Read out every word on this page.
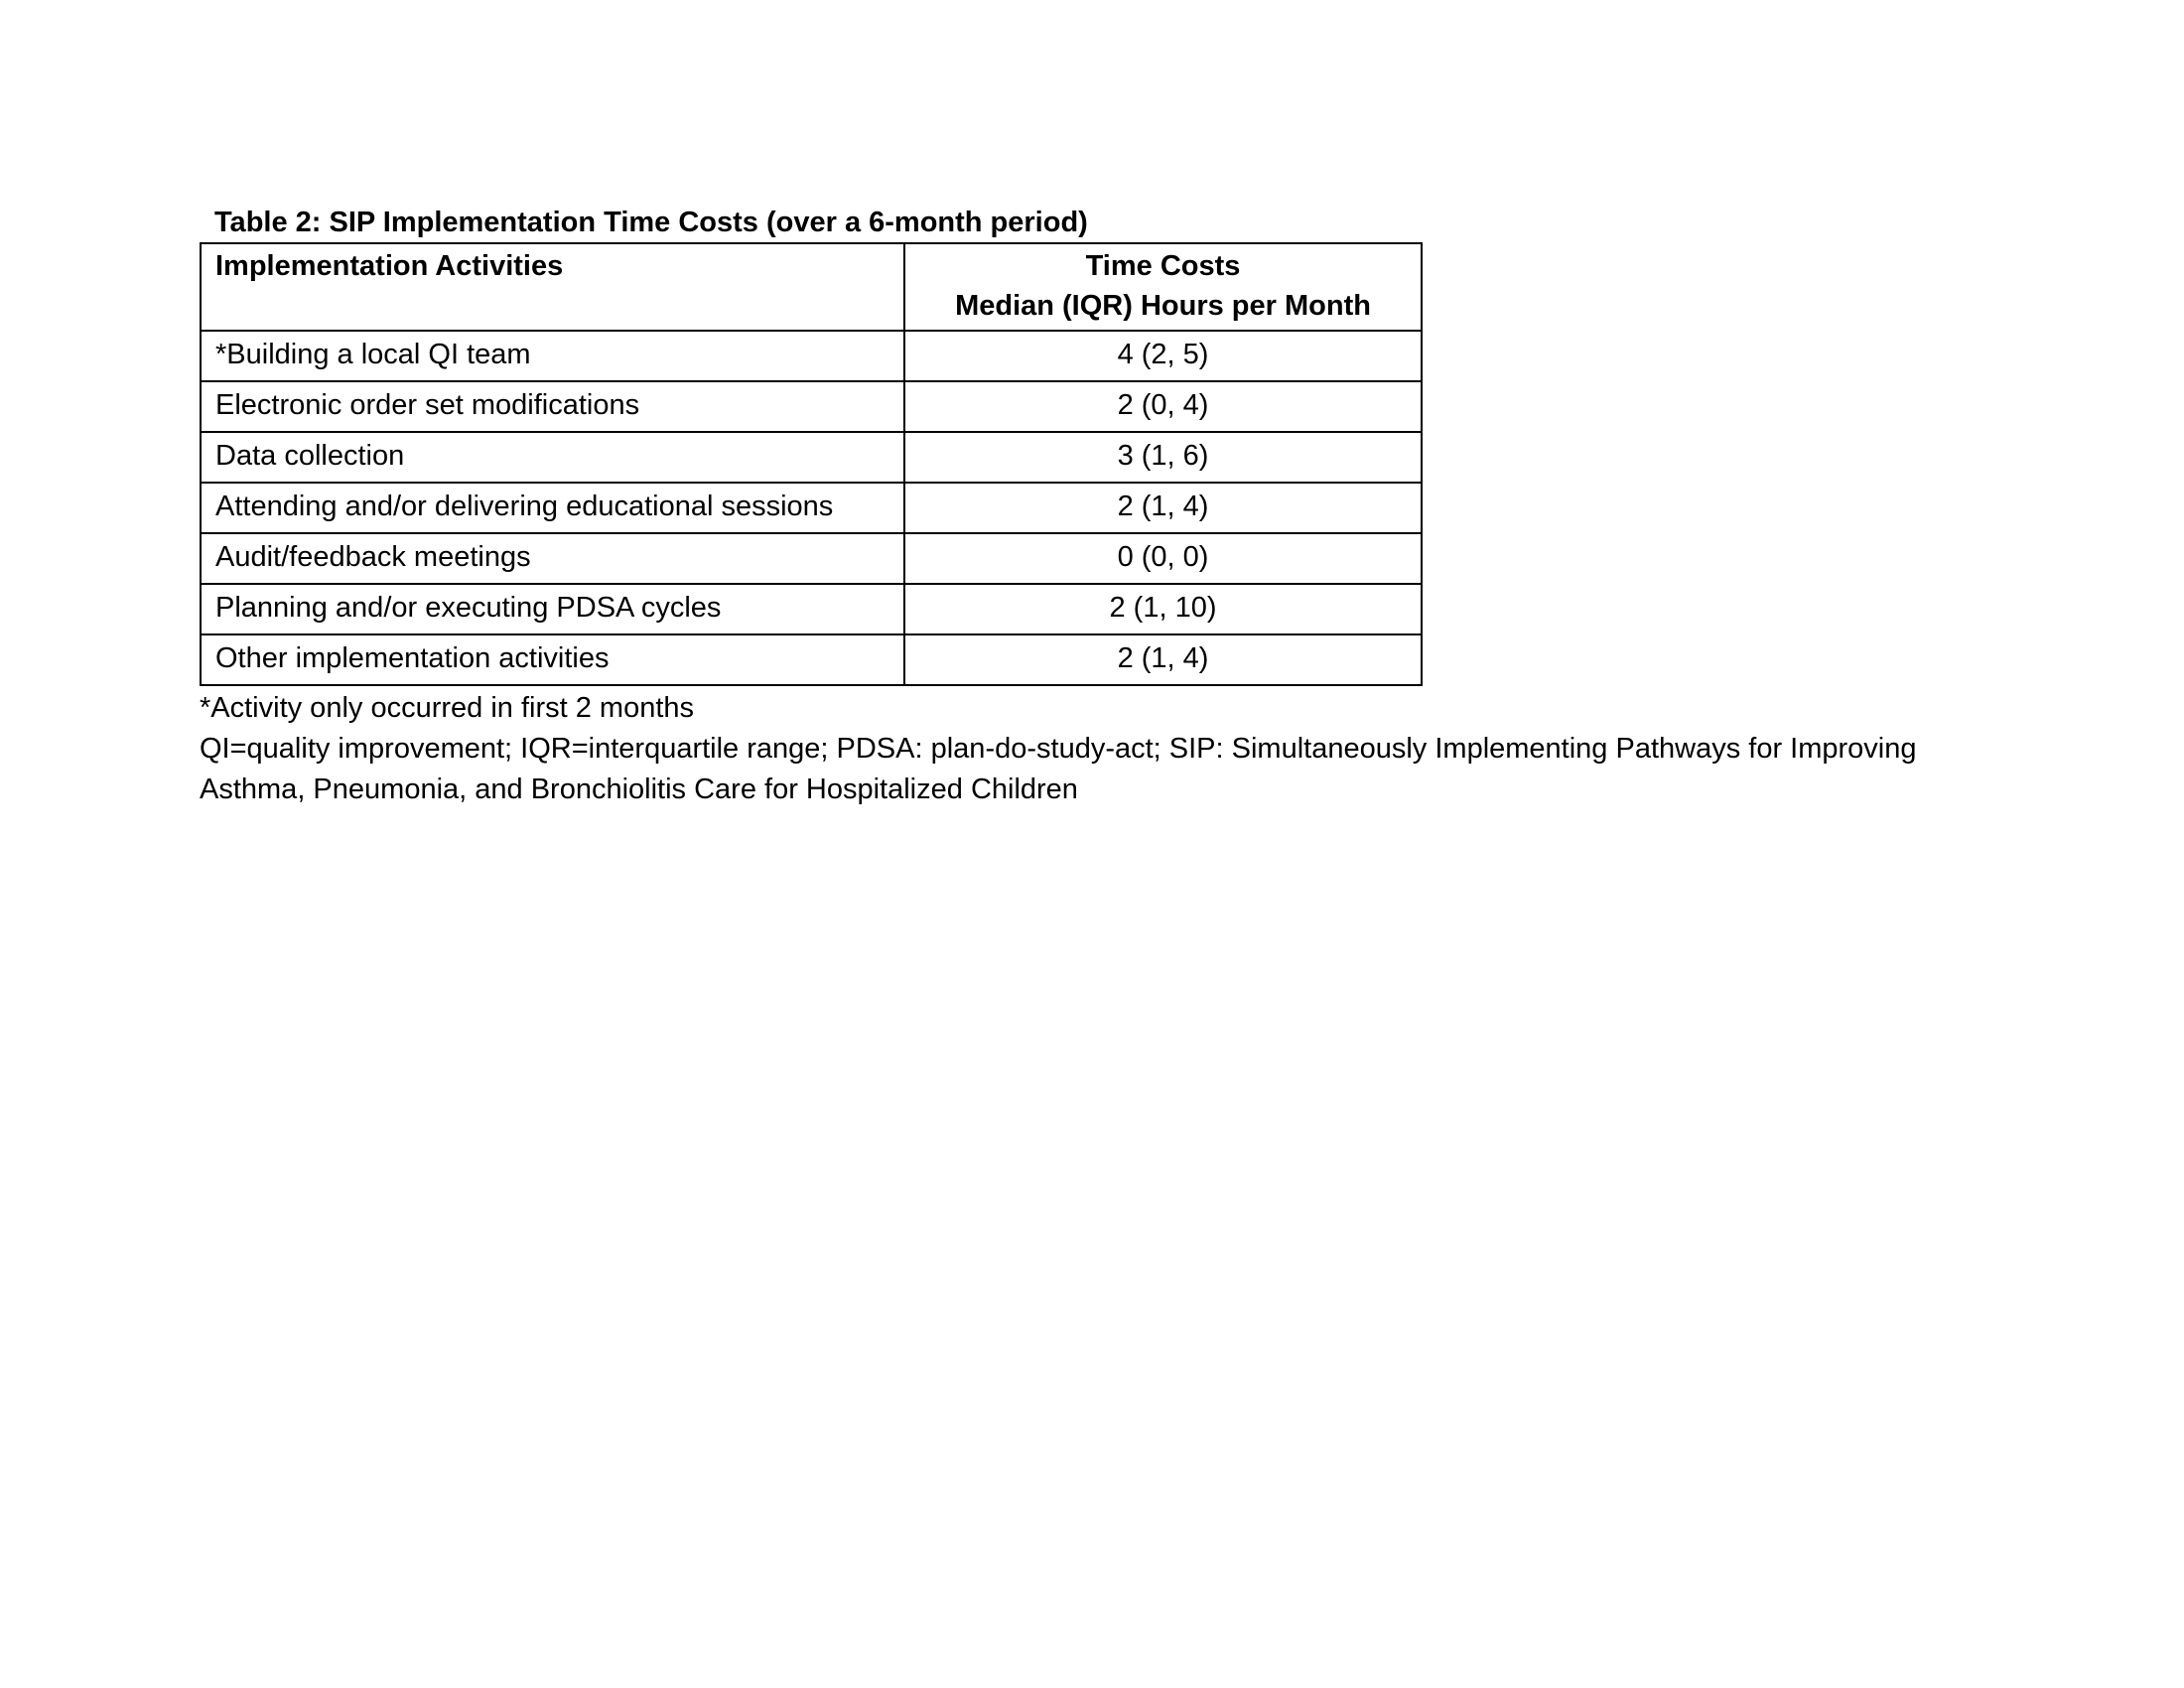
Table 2: SIP Implementation Time Costs (over a 6-month period)
Implementation Activities	Time Costs
Median (IQR) Hours per Month

*Building a local QI team	4 (2, 5)
Electronic order set modifications	2 (0, 4)
Data collection	3 (1, 6)
Attending and/or delivering educational sessions	2 (1, 4)
Audit/feedback meetings	0 (0, 0)
Planning and/or executing PDSA cycles	2 (1, 10)
Other implementation activities	2 (1, 4)

*Activity only occurred in first 2 months

QI=quality improvement; IQR=interquartile range; PDSA: plan-do-study-act; SIP: Simultaneously Implementing Pathways for Improving Asthma, Pneumonia, and Bronchiolitis Care for Hospitalized Children
